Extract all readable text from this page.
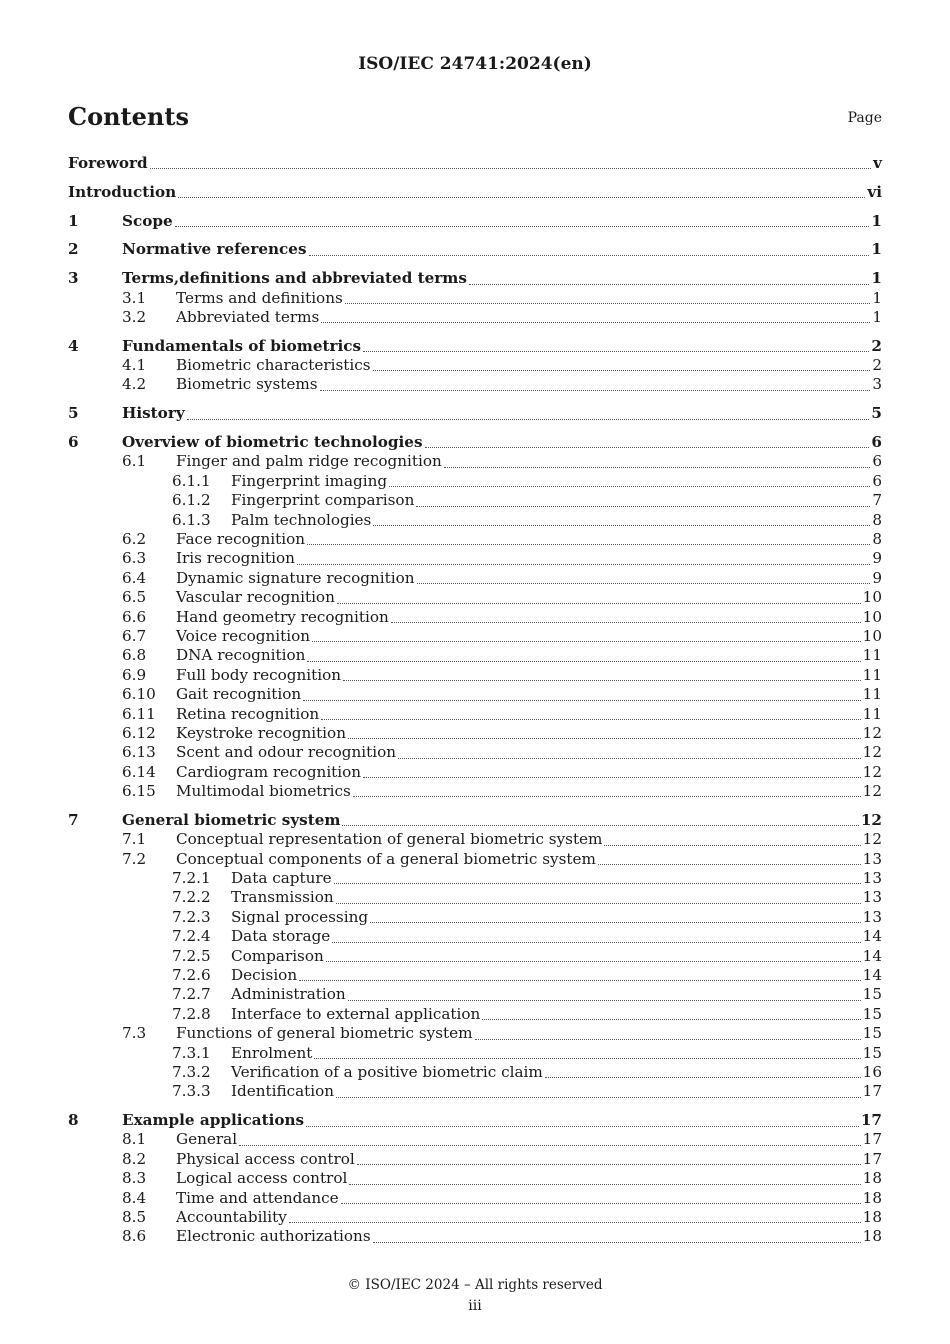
ISO/IEC 24741:2024(en)
Contents	Page
Foreword	v
Introduction	vi
1	Scope	1
2	Normative references	1
3	Terms,definitions and abbreviated terms	1
3.1 Terms and definitions	1
3.2 Abbreviated terms	1
4	Fundamentals of biometrics	2
4.1 Biometric characteristics	2
4.2 Biometric systems	3
5	History	5
6	Overview of biometric technologies	6
6.1 Finger and palm ridge recognition	6
6.1.1 Fingerprint imaging	6
6.1.2 Fingerprint comparison	7
6.1.3 Palm technologies	8
6.2 Face recognition	8
6.3 Iris recognition	9
6.4 Dynamic signature recognition	9
6.5 Vascular recognition	10
6.6 Hand geometry recognition	10
6.7 Voice recognition	10
6.8 DNA recognition	11
6.9 Full body recognition	11
6.10 Gait recognition	11
6.11 Retina recognition	11
6.12 Keystroke recognition	12
6.13 Scent and odour recognition	12
6.14 Cardiogram recognition	12
6.15 Multimodal biometrics	12
7	General biometric system	12
7.1 Conceptual representation of general biometric system	12
7.2 Conceptual components of a general biometric system	13
7.2.1 Data capture	13
7.2.2 Transmission	13
7.2.3 Signal processing	13
7.2.4 Data storage	14
7.2.5 Comparison	14
7.2.6 Decision	14
7.2.7 Administration	15
7.2.8 Interface to external application	15
7.3 Functions of general biometric system	15
7.3.1 Enrolment	15
7.3.2 Verification of a positive biometric claim	16
7.3.3 Identification	17
8	Example applications	17
8.1 General	17
8.2 Physical access control	17
8.3 Logical access control	18
8.4 Time and attendance	18
8.5 Accountability	18
8.6 Electronic authorizations	18
© ISO/IEC 2024 – All rights reserved
iii
